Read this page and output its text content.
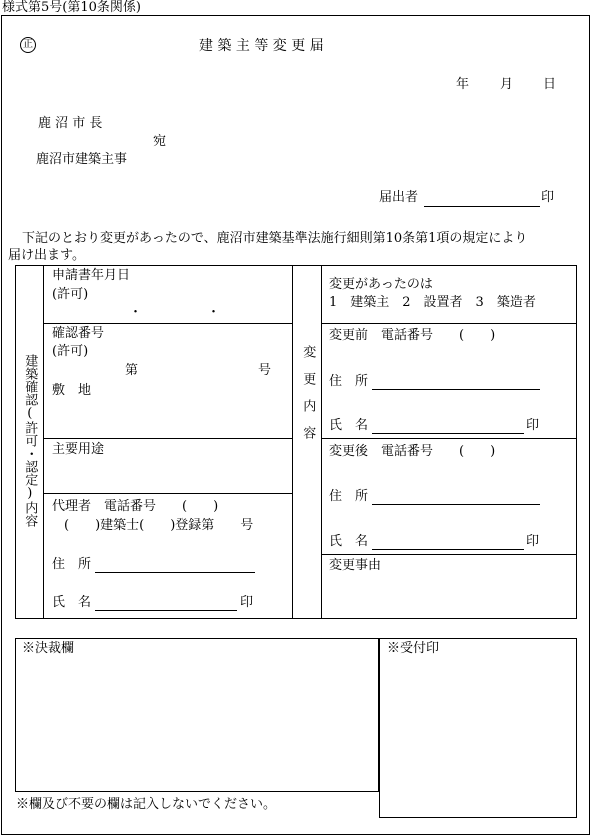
様式第5号(第10条関係)
正	建 築 主 等 変 更 届
年 月 日
鹿 沼 市 長
宛
鹿沼市建築主事
届出者	印
下記のとおり変更があったので、鹿沼市建築基準法施行細則第10条第1項の規定により
届け出ます。
建築確認(許可・認定)内容	変更内容
申請書年月日
(許可)
・　　　　　・
確認番号
(許可)
第	号
敷　地
主要用途
代理者　電話番号　　(　　)
(　　)建築士(　　)登録第　　号
住　所
氏　名	印
変更があったのは
1　建築主　2　設置者　3　築造者
変更前　電話番号　　(　　)
住　所
氏　名	印
変更後　電話番号　　(　　)
住　所
氏　名	印
変更事由
※決裁欄	※受付印
※欄及び不要の欄は記入しないでください。
